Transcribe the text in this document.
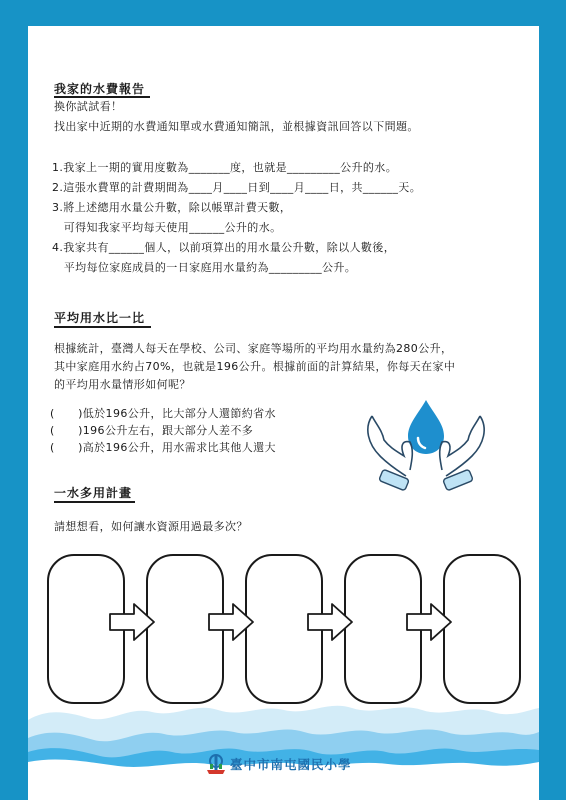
我家的水費報告
換你試試看！
找出家中近期的水費通知單或水費通知簡訊，並根據資訊回答以下問題。
1.我家上一期的實用度數為_______度，也就是_________公升的水。
2.這張水費單的計費期間為____月____日到____月____日，共______天。
3.將上述總用水量公升數，除以帳單計費天數，
可得知我家平均每天使用______公升的水。
4.我家共有______個人，以前項算出的用水量公升數，除以人數後，
平均每位家庭成員的一日家庭用水量約為_________公升。
平均用水比一比
根據統計，臺灣人每天在學校、公司、家庭等場所的平均用水量約為280公升，
其中家庭用水約占70%，也就是196公升。根據前面的計算結果，你每天在家中
的平均用水量情形如何呢？
(      )低於196公升，比大部分人還節約省水
(      )196公升左右，跟大部分人差不多
(      )高於196公升，用水需求比其他人還大
一水多用計畫
請想想看，如何讓水資源用過最多次？
臺中市南屯國民小學
